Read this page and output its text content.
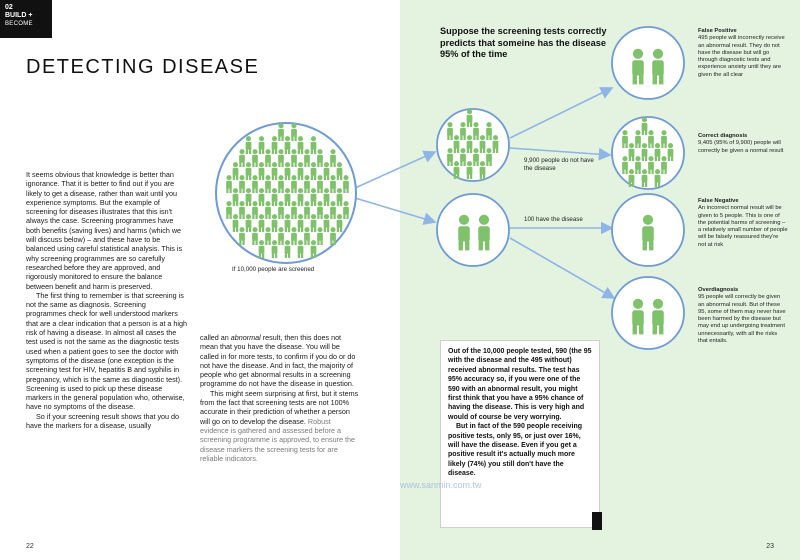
02
BUILD +
BECOME
DETECTING DISEASE

It seems obvious that knowledge is better than ignorance. That it is better to find out if you are likely to get a disease, rather than wait until you experience symptoms. But the example of screening for diseases illustrates that this isn't always the case. Screening programmes have both benefits (saving lives) and harms (which we will discuss below) – and these have to be balanced using careful statistical analysis. This is why screening programmes are so carefully researched before they are approved, and rigorously monitored to ensure the balance between benefit and harm is preserved.

The first thing to remember is that screening is not the same as diagnosis. Screening programmes check for well understood markers that are a clear indication that a person is at a high risk of having a disease. In almost all cases the test used is not the same as the diagnostic tests used when a patient goes to see the doctor with symptoms of the disease (one exception is the screening test for HIV, hepatitis B and syphilis in pregnancy, which is the same as diagnostic test). Screening is used to pick up these disease markers in the general population who, otherwise, have no symptoms of the disease.

So if your screening result shows that you do have the markers for a disease, usually

called an abnormal result, then this does not mean that you have the disease. You will be called in for more tests, to confirm if you do or do not have the disease. And in fact, the majority of people who get abnormal results in a screening programme do not have the disease in question.

This might seem surprising at first, but it stems from the fact that screening tests are not 100% accurate in their prediction of whether a person will go on to develop the disease. Robust evidence is gathered and assessed before a screening programme is approved, to ensure the disease markers the screening tests for are reliable indicators.

22	23
Suppose the screening tests correctly predicts that someine has the disease 95% of the time
If 10,000 people are screened
9,900 people do not have the disease
100 have the disease
False Positive
495 people will incorrectly receive an abnormal result. They do not have the disease but will go through diagnostic tests and experience anxiety until they are given the all clear
Correct diagnosis
9,405 (95% of 9,900) people will correctly be given a normal result
False Negative
An incorrect normal result will be given to 5 people. This is one of the potential harms of screening – a relatively small number of people will be falsely reassured they're not at risk
Overdiagnosis
95 people will correctly be given an abnormal result. But of these 95, some of them may never have been harmed by the disease but may end up undergoing treatment unnecessarily, with all the risks that entails.

Out of the 10,000 people tested, 590 (the 95 with the disease and the 495 without) received abnormal results. The test has 95% accuracy so, if you were one of the 590 with an abnormal result, you might first think that you have a 95% chance of having the disease. This is very high and would of course be very worrying.

But in fact of the 590 people receiving positive tests, only 95, or just over 16%, will have the disease. Even if you get a positive result it's actually much more likely (74%) you still don't have the disease.

www.sanmin.com.tw
